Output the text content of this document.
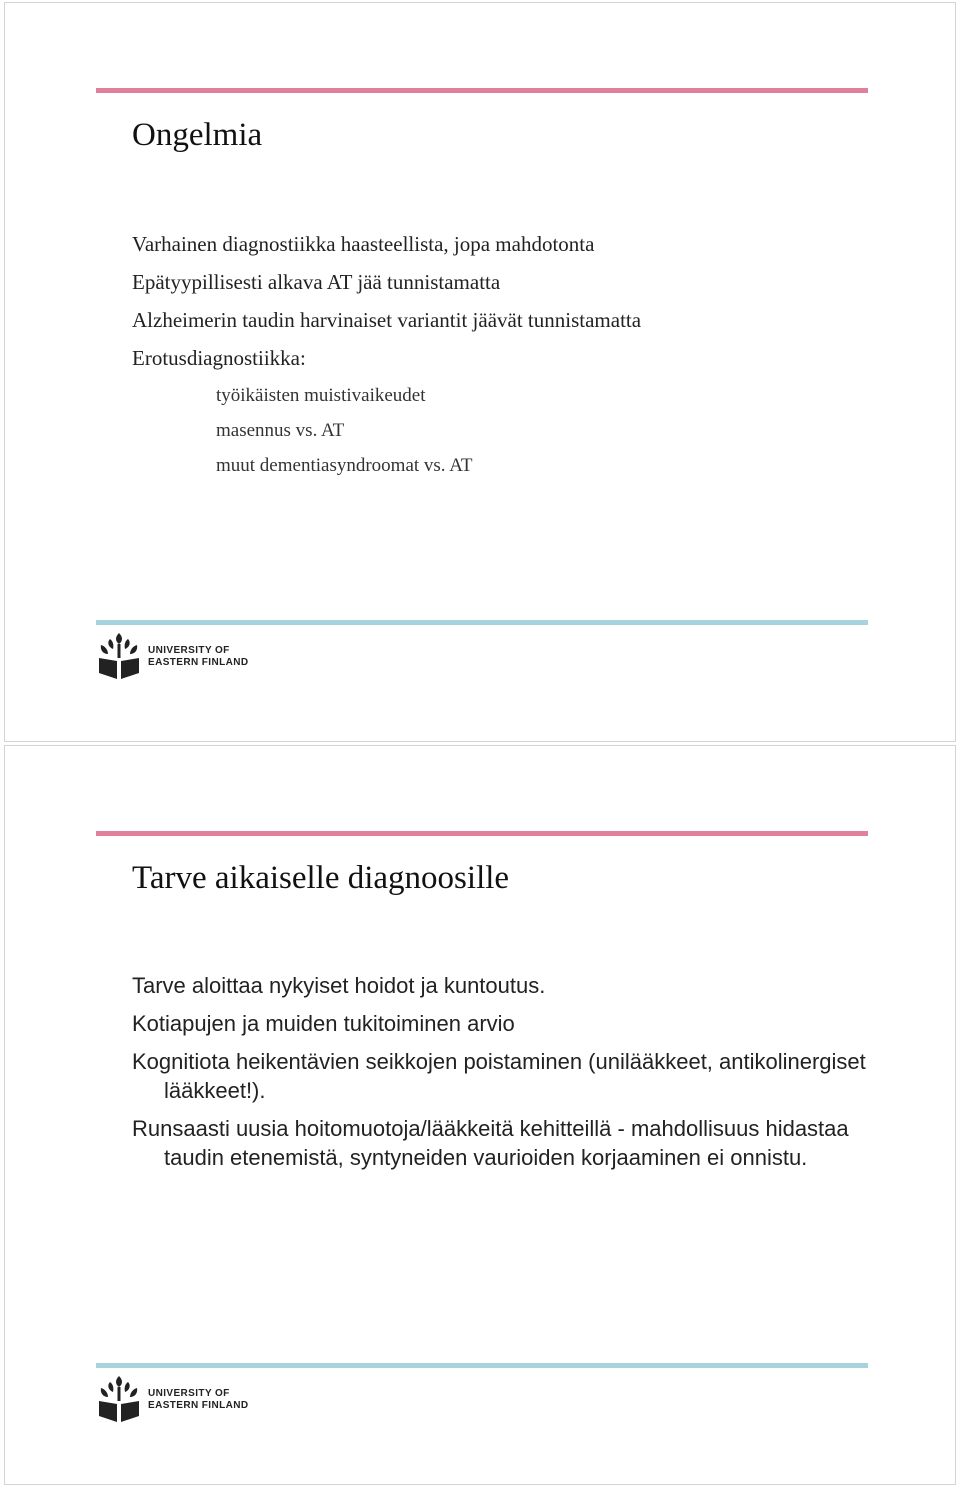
Ongelmia
Varhainen diagnostiikka haasteellista, jopa mahdotonta
Epätyypillisesti alkava AT jää tunnistamatta
Alzheimerin taudin harvinaiset variantit jäävät tunnistamatta
Erotusdiagnostiikka:
työikäisten muistivaikeudet
masennus vs. AT
muut dementiasyndroomat vs. AT
UNIVERSITY OF
EASTERN FINLAND
Tarve aikaiselle diagnoosille
Tarve aloittaa nykyiset hoidot ja kuntoutus.
Kotiapujen ja muiden tukitoiminen arvio
Kognitiota heikentävien seikkojen poistaminen (unilääkkeet, antikolinergiset lääkkeet!).
Runsaasti uusia hoitomuotoja/lääkkeitä kehitteillä - mahdollisuus hidastaa taudin etenemistä, syntyneiden vaurioiden korjaaminen ei onnistu.
UNIVERSITY OF
EASTERN FINLAND
